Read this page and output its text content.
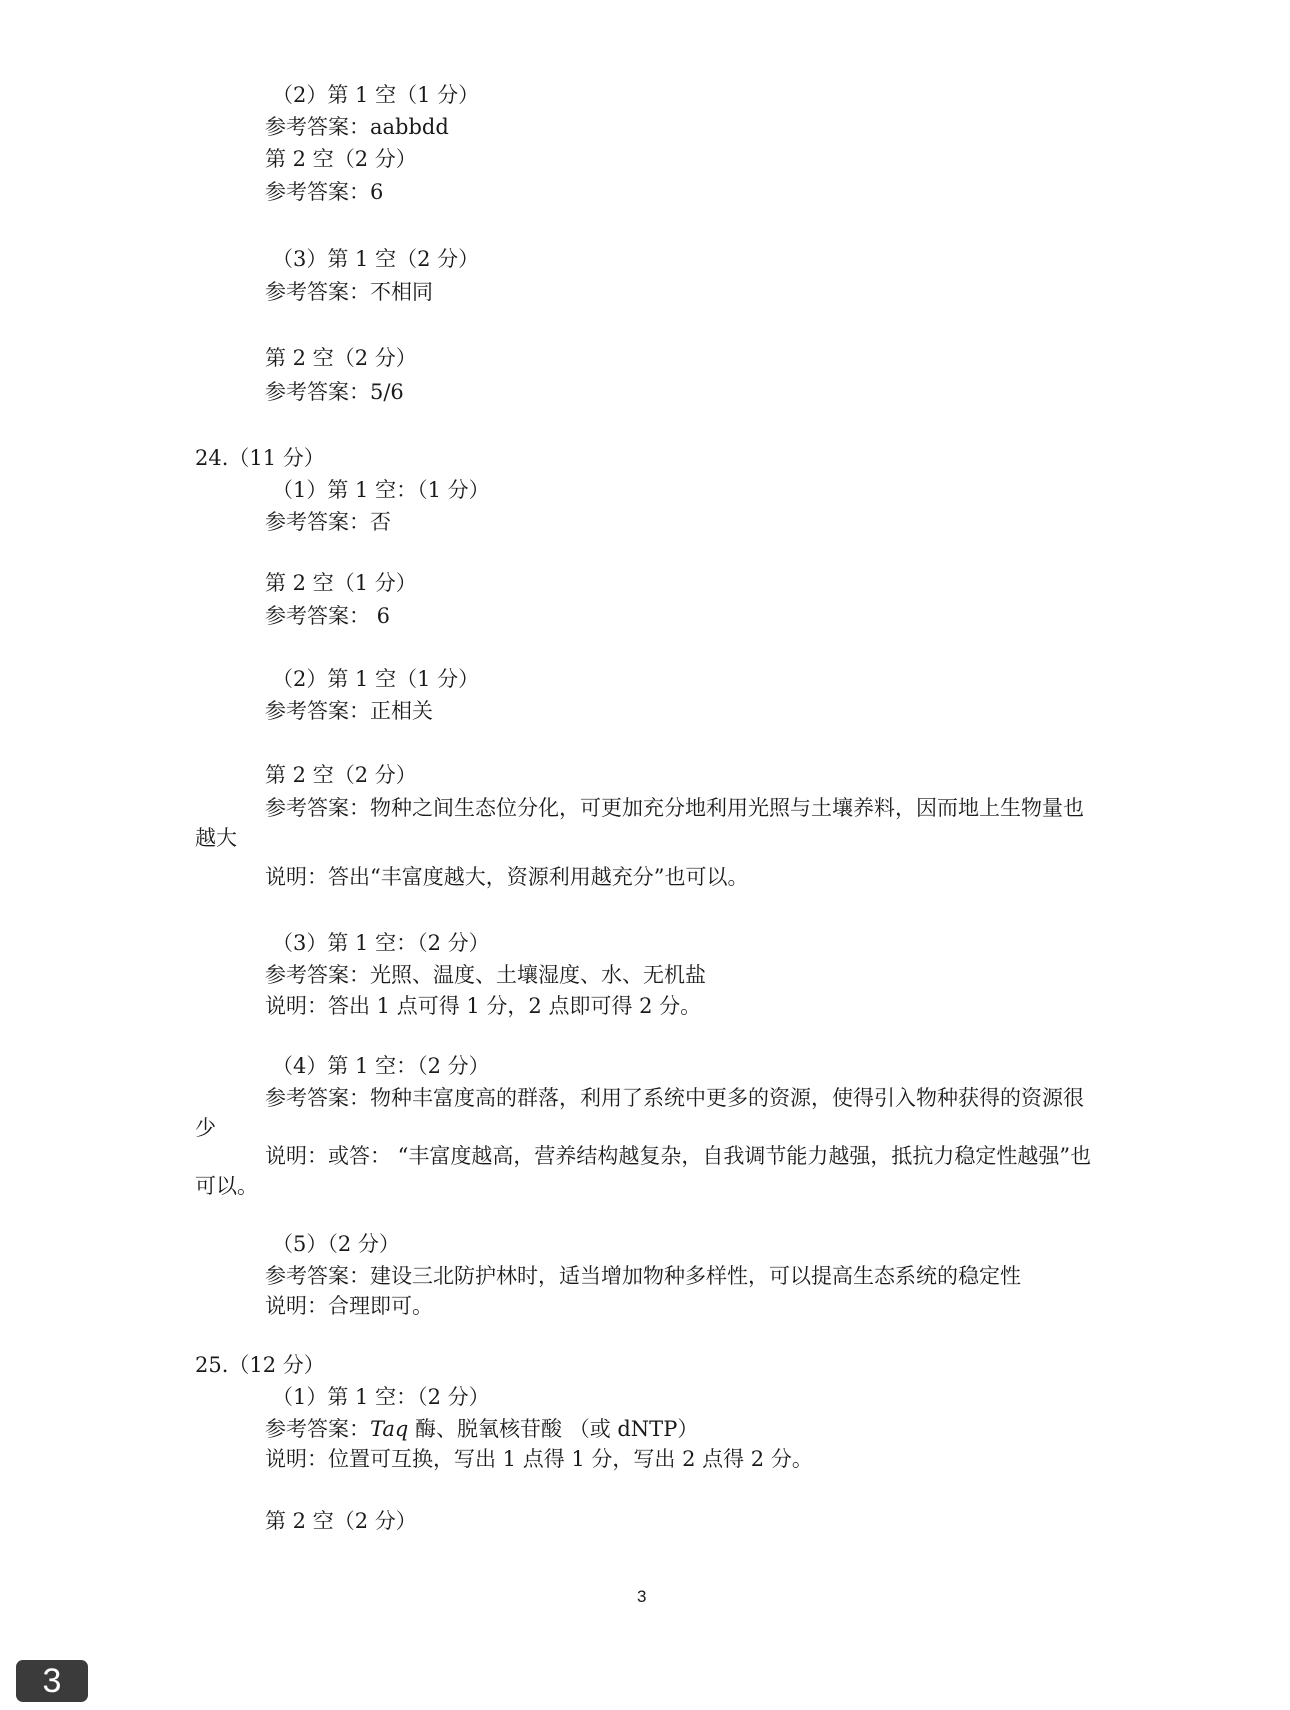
（2）第 1 空（1 分）
参考答案：aabbdd
第 2 空（2 分）
参考答案：6
（3）第 1 空（2 分）
参考答案：不相同
第 2 空（2 分）
参考答案：5/6
24.（11 分）
（1）第 1 空：（1 分）
参考答案：否
第 2 空（1 分）
参考答案： 6
（2）第 1 空（1 分）
参考答案：正相关
第 2 空（2 分）
参考答案：物种之间生态位分化，可更加充分地利用光照与土壤养料，因而地上生物量也越大
说明：答出“丰富度越大，资源利用越充分”也可以。
（3）第 1 空：（2 分）
参考答案：光照、温度、土壤湿度、水、无机盐
说明：答出 1 点可得 1 分，2 点即可得 2 分。
（4）第 1 空：（2 分）
参考答案：物种丰富度高的群落，利用了系统中更多的资源，使得引入物种获得的资源很少
说明：或答： “丰富度越高，营养结构越复杂，自我调节能力越强，抵抗力稳定性越强”也可以。
（5）（2 分）
参考答案：建设三北防护林时，适当增加物种多样性，可以提高生态系统的稳定性
说明：合理即可。
25.（12 分）
（1）第 1 空：（2 分）
参考答案：Taq 酶、脱氧核苷酸 （或 dNTP）
说明：位置可互换，写出 1 点得 1 分，写出 2 点得 2 分。
第 2 空（2 分）
3
3
